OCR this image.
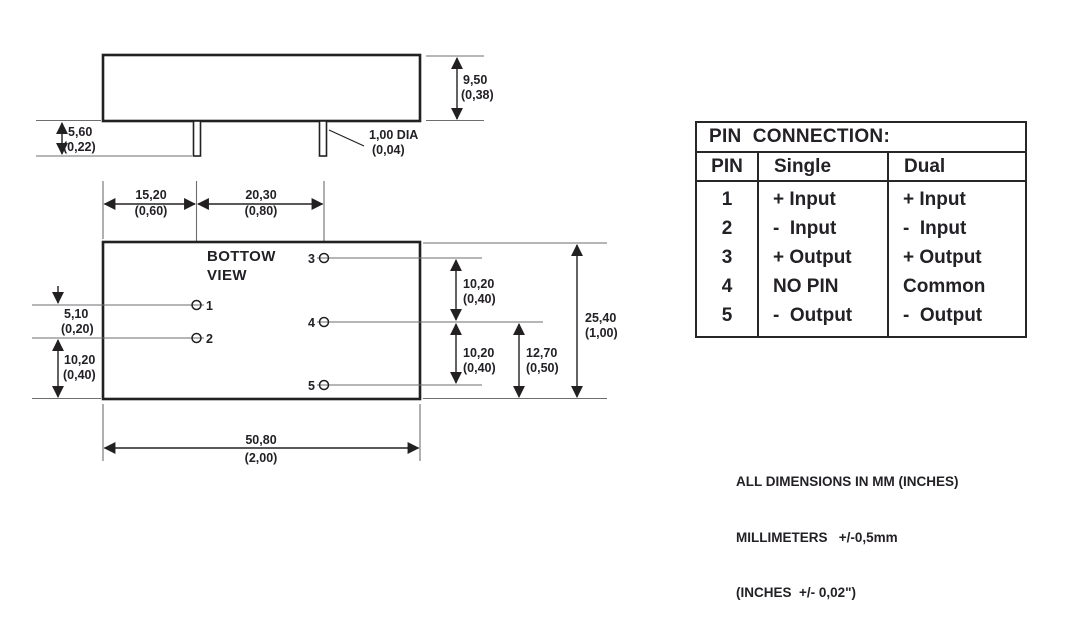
9,50
(0,38)
5,60
(0,22)
1,00 DIA
(0,04)
BOTTOW
VIEW
15,20
(0,60)
20,30
(0,80)
1
2
3
4
5
5,10
(0,20)
10,20
(0,40)
10,20
(0,40)
10,20
(0,40)
12,70
(0,50)
25,40
(1,00)
50,80
(2,00)
PIN  CONNECTION:
PIN	Single	Dual
1
2
3
4
5
+ Input
-  Input
+ Output
NO PIN
-  Output
+ Input
-  Input
+ Output
Common
-  Output

ALL DIMENSIONS IN MM (INCHES)

MILLIMETERS   +/-0,5mm

(INCHES  +/- 0,02")
